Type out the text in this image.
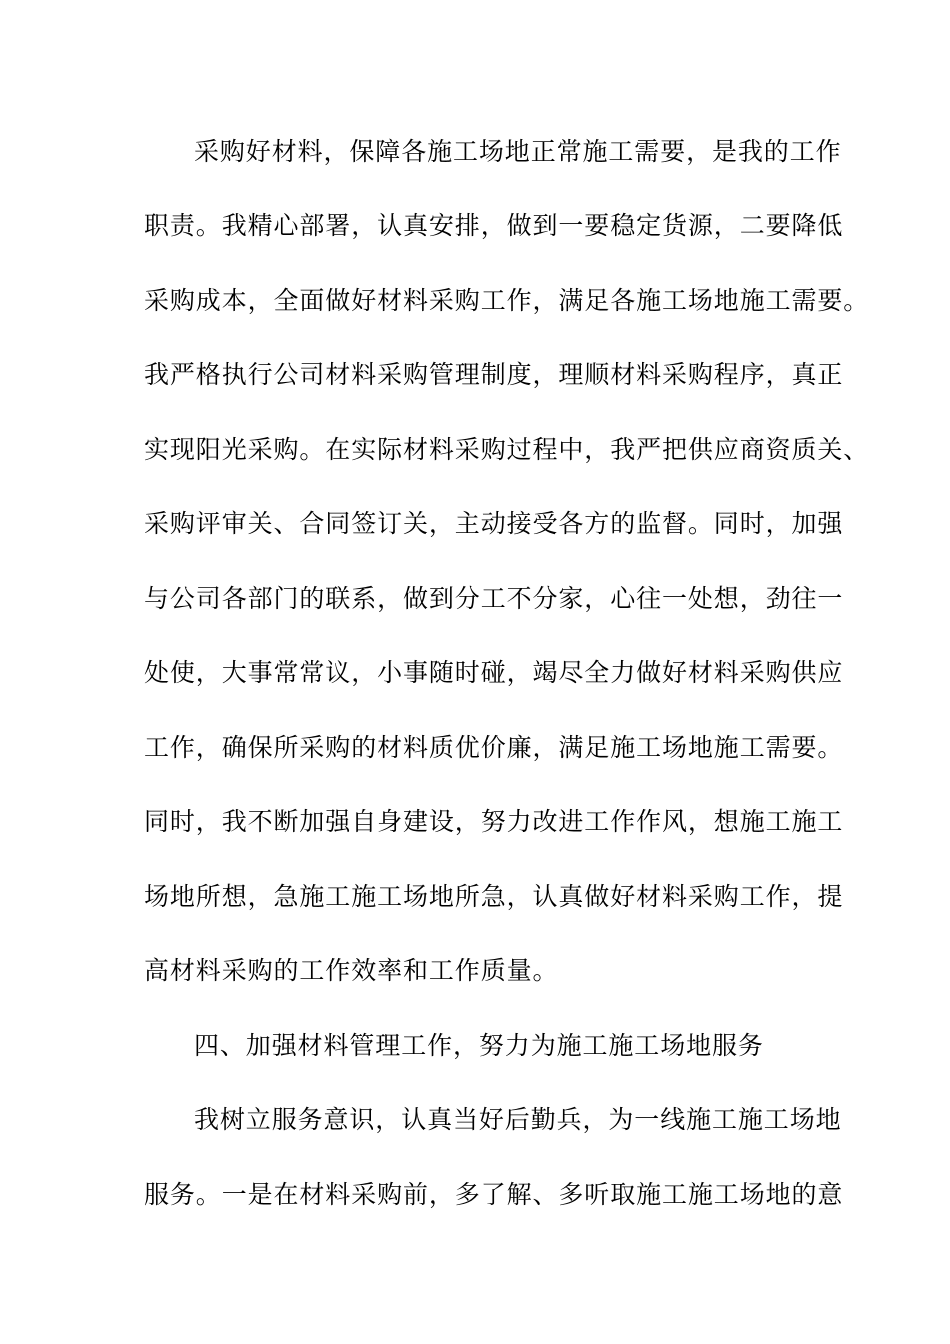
采购好材料，保障各施工场地正常施工需要，是我的工作
职责。我精心部署，认真安排，做到一要稳定货源，二要降低
采购成本，全面做好材料采购工作，满足各施工场地施工需要。
我严格执行公司材料采购管理制度，理顺材料采购程序，真正
实现阳光采购。在实际材料采购过程中，我严把供应商资质关、
采购评审关、合同签订关，主动接受各方的监督。同时，加强
与公司各部门的联系，做到分工不分家，心往一处想，劲往一
处使，大事常常议，小事随时碰，竭尽全力做好材料采购供应
工作，确保所采购的材料质优价廉，满足施工场地施工需要。
同时，我不断加强自身建设，努力改进工作作风，想施工施工
场地所想，急施工施工场地所急，认真做好材料采购工作，提
高材料采购的工作效率和工作质量。
四、加强材料管理工作，努力为施工施工场地服务
我树立服务意识，认真当好后勤兵，为一线施工施工场地
服务。一是在材料采购前，多了解、多听取施工施工场地的意
